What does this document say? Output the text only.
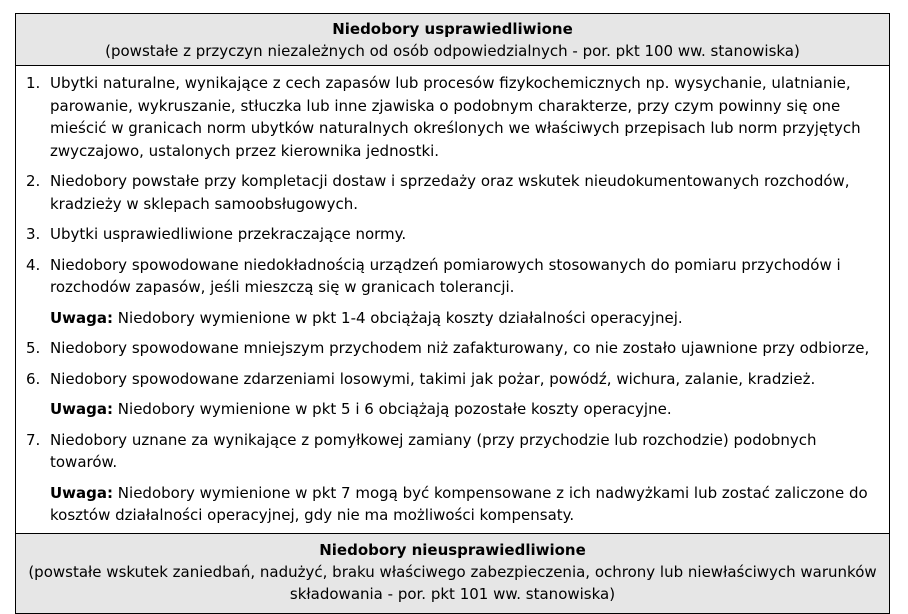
Niedobory usprawiedliwione
(powstałe z przyczyn niezależnych od osób odpowiedzialnych - por. pkt 100 ww. stanowiska)
1. Ubytki naturalne, wynikające z cech zapasów lub procesów fizykochemicznych np. wysychanie, ulatnianie, parowanie, wykruszanie, stłuczka lub inne zjawiska o podobnym charakterze, przy czym powinny się one mieścić w granicach norm ubytków naturalnych określonych we właściwych przepisach lub norm przyjętych zwyczajowo, ustalonych przez kierownika jednostki.
2. Niedobory powstałe przy kompletacji dostaw i sprzedaży oraz wskutek nieudokumentowanych rozchodów, kradzieży w sklepach samoobsługowych.
3. Ubytki usprawiedliwione przekraczające normy.
4. Niedobory spowodowane niedokładnością urządzeń pomiarowych stosowanych do pomiaru przychodów i rozchodów zapasów, jeśli mieszczą się w granicach tolerancji.
Uwaga: Niedobory wymienione w pkt 1-4 obciążają koszty działalności operacyjnej.
5. Niedobory spowodowane mniejszym przychodem niż zafakturowany, co nie zostało ujawnione przy odbiorze,
6. Niedobory spowodowane zdarzeniami losowymi, takimi jak pożar, powódź, wichura, zalanie, kradzież.
Uwaga: Niedobory wymienione w pkt 5 i 6 obciążają pozostałe koszty operacyjne.
7. Niedobory uznane za wynikające z pomyłkowej zamiany (przy przychodzie lub rozchodzie) podobnych towarów.
Uwaga: Niedobory wymienione w pkt 7 mogą być kompensowane z ich nadwyżkami lub zostać zaliczone do kosztów działalności operacyjnej, gdy nie ma możliwości kompensaty.
Niedobory nieusprawiedliwione
(powstałe wskutek zaniedbań, nadużyć, braku właściwego zabezpieczenia, ochrony lub niewłaściwych warunków składowania - por. pkt 101 ww. stanowiska)
